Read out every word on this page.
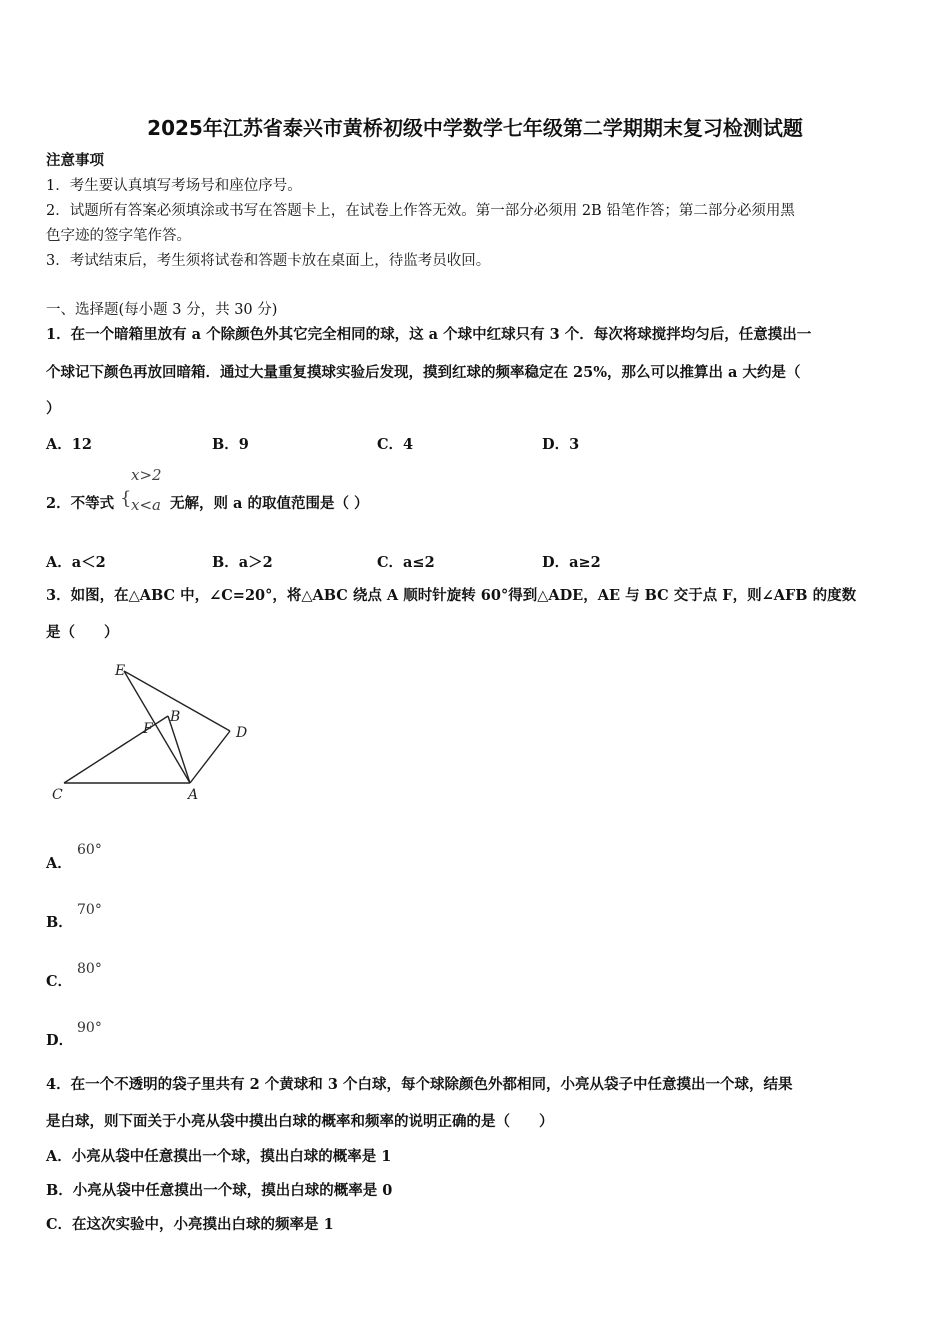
2025年江苏省泰兴市黄桥初级中学数学七年级第二学期期末复习检测试题
注意事项
1．考生要认真填写考场号和座位序号。
2．试题所有答案必须填涂或书写在答题卡上，在试卷上作答无效。第一部分必须用 2B 铅笔作答；第二部分必须用黑
色字迹的签字笔作答。
3．考试结束后，考生须将试卷和答题卡放在桌面上，待监考员收回。
一、选择题(每小题 3 分，共 30 分)
1．在一个暗箱里放有 a 个除颜色外其它完全相同的球，这 a 个球中红球只有 3 个．每次将球搅拌均匀后，任意摸出一
个球记下颜色再放回暗箱．通过大量重复摸球实验后发现，摸到红球的频率稳定在 25%，那么可以推算出 a 大约是（
）
A．12	B．9	C．4	D．3
2．不等式 {
x>2
x<a 无解，则 a 的取值范围是（ ）
A．a＜2	B．a＞2	C．a≤2	D．a≥2
3．如图，在△ABC 中，∠C=20°，将△ABC 绕点 A 顺时针旋转 60°得到△ADE，AE 与 BC 交于点 F，则∠AFB 的度数
是（　　）
E
F
B
D
C	A
A．
60°
B．
70°
C．
80°
D．
90°
4．在一个不透明的袋子里共有 2 个黄球和 3 个白球，每个球除颜色外都相同，小亮从袋子中任意摸出一个球，结果
是白球，则下面关于小亮从袋中摸出白球的概率和频率的说明正确的是（　　）
A．小亮从袋中任意摸出一个球，摸出白球的概率是 1
B．小亮从袋中任意摸出一个球，摸出白球的概率是 0
C．在这次实验中，小亮摸出白球的频率是 1
